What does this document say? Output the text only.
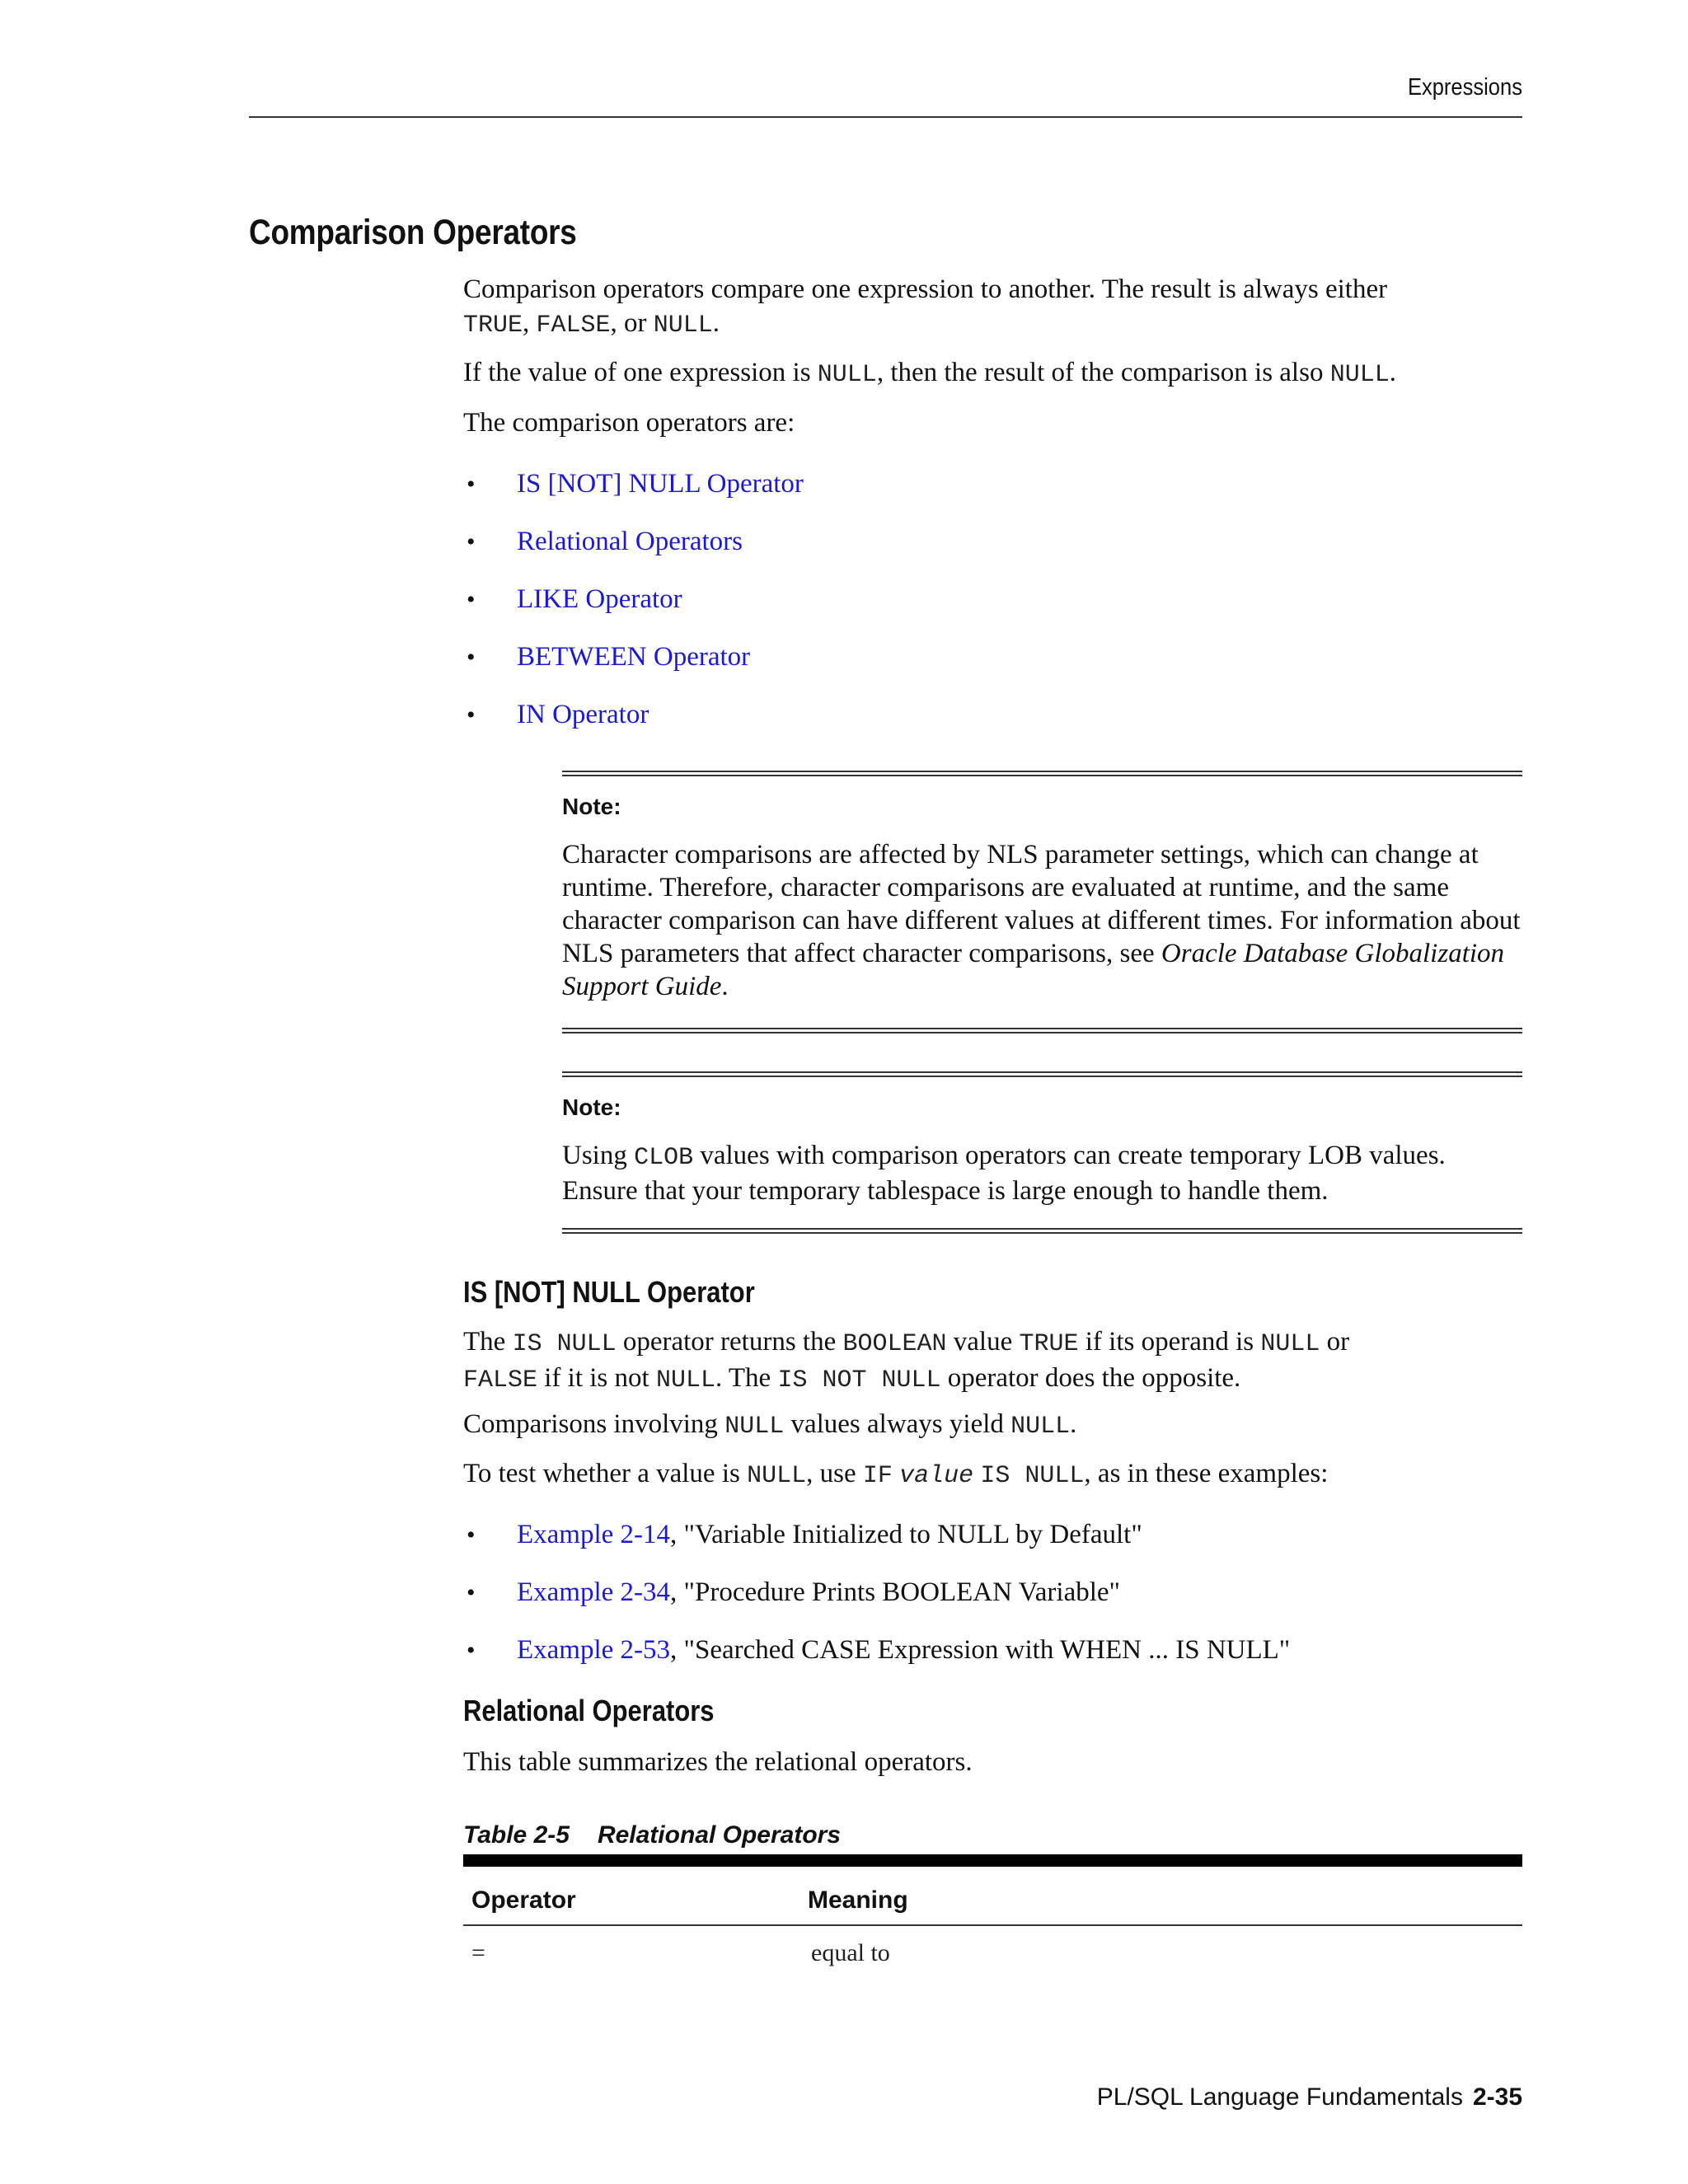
Expressions
Comparison Operators

Comparison operators compare one expression to another. The result is always either
TRUE, FALSE, or NULL.

If the value of one expression is NULL, then the result of the comparison is also NULL.

The comparison operators are:

• IS [NOT] NULL Operator
• Relational Operators
• LIKE Operator
• BETWEEN Operator
• IN Operator

Note:

Character comparisons are affected by NLS parameter settings, which can change at runtime. Therefore, character comparisons are evaluated at runtime, and the same character comparison can have different values at different times. For information about NLS parameters that affect character comparisons, see Oracle Database Globalization Support Guide.

Note:

Using CLOB values with comparison operators can create temporary LOB values. Ensure that your temporary tablespace is large enough to handle them.

IS [NOT] NULL Operator

The IS NULL operator returns the BOOLEAN value TRUE if its operand is NULL or
FALSE if it is not NULL. The IS NOT NULL operator does the opposite.

Comparisons involving NULL values always yield NULL.

To test whether a value is NULL, use IF value IS NULL, as in these examples:

• Example 2-14, "Variable Initialized to NULL by Default"
• Example 2-34, "Procedure Prints BOOLEAN Variable"
• Example 2-53, "Searched CASE Expression with WHEN ... IS NULL"
Relational Operators

This table summarizes the relational operators.

Table 2-5 Relational Operators

Operator	Meaning
=	equal to
PL/SQL Language Fundamentals 2-35
